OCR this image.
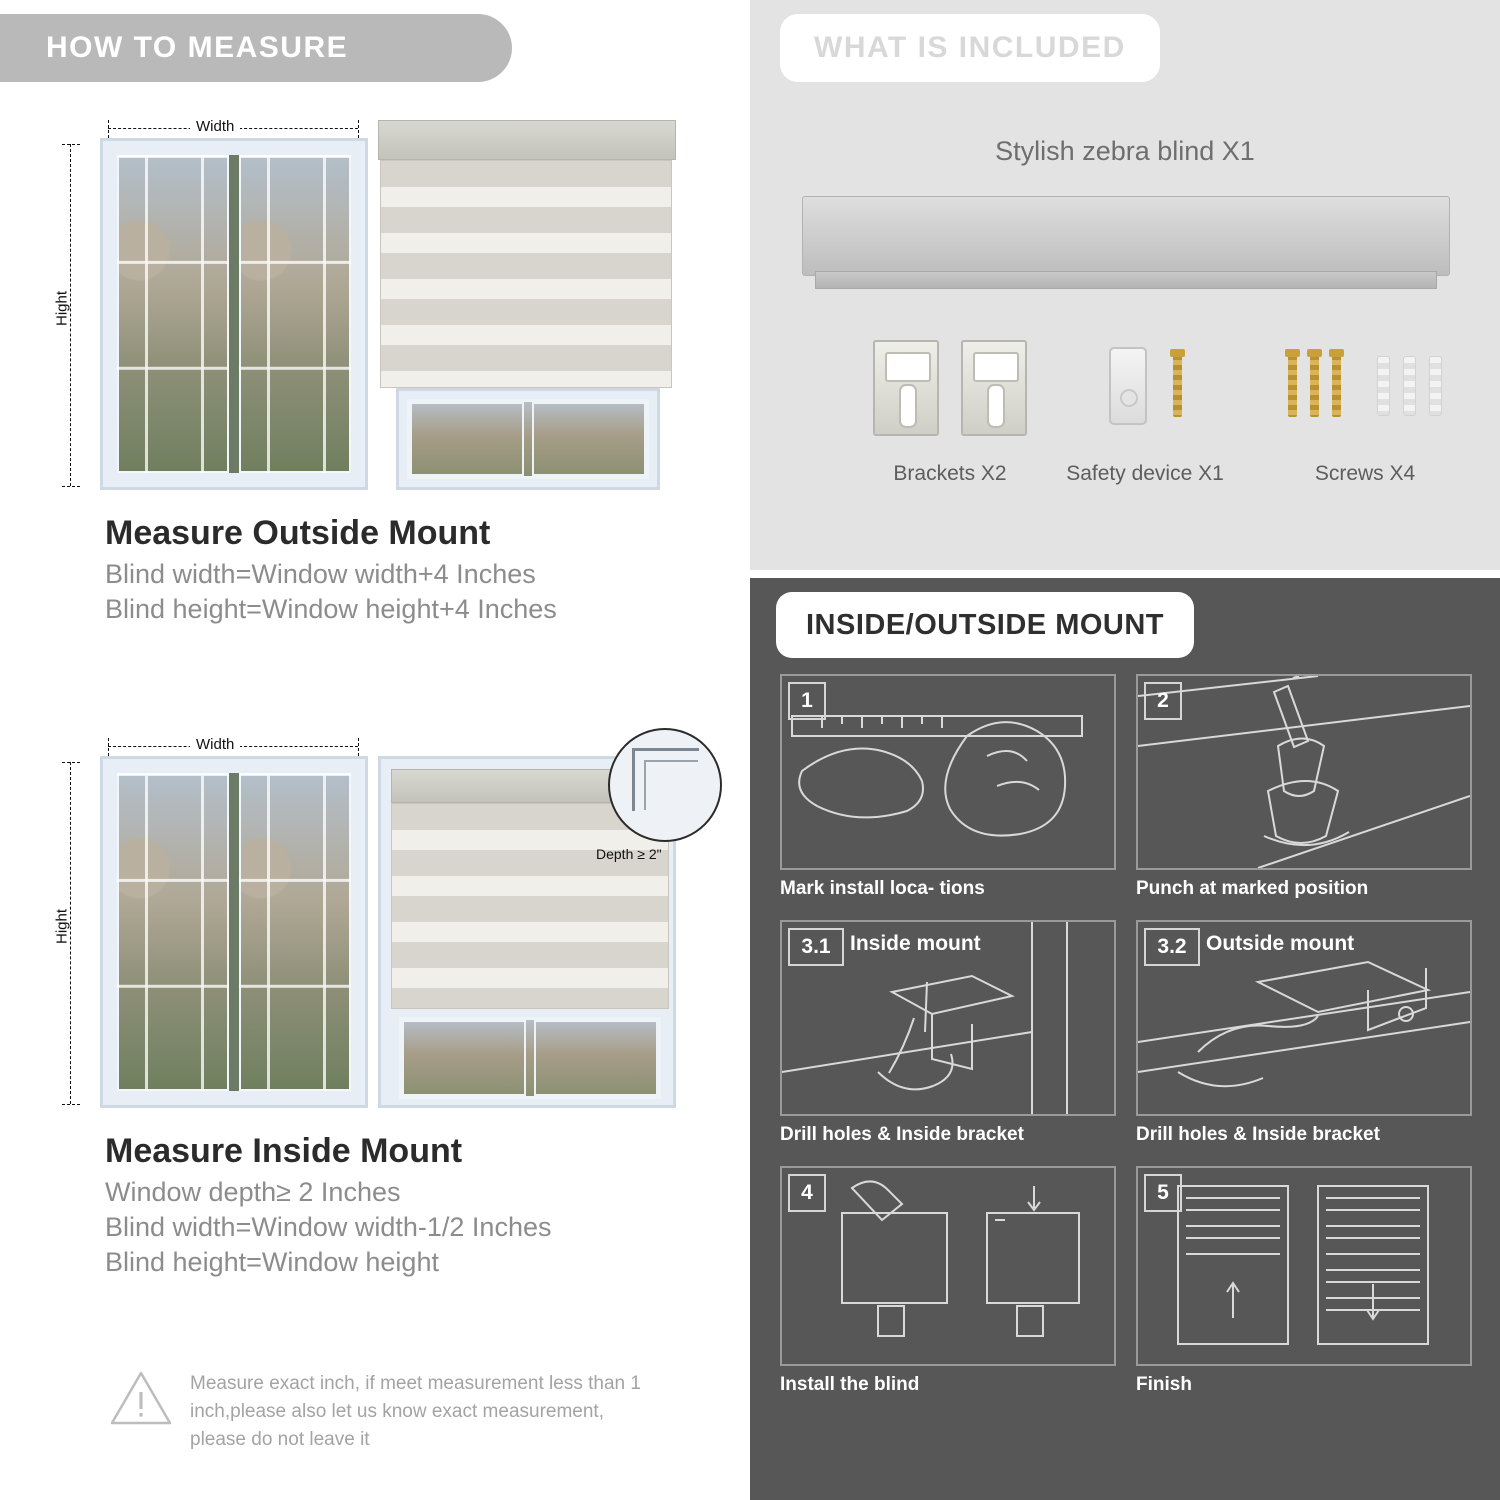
HOW TO MEASURE
Width
Hight
Measure Outside Mount

Blind width=Window width+4 Inches

Blind height=Window height+4 Inches

Width
Hight
Depth ≥ 2"
Measure Inside Mount

Window depth≥ 2 Inches

Blind width=Window width-1/2 Inches

Blind height=Window height

Measure exact inch, if meet measurement less than 1 inch,please also let us know exact measurement, please do not leave it

WHAT IS INCLUDED
Stylish zebra blind X1
Brackets X2	Safety device X1	Screws X4
INSIDE/OUTSIDE MOUNT
1
Mark install loca- tions
2
Punch at marked position
3.1 Inside mount
Drill holes & Inside bracket
3.2 Outside mount
Drill holes & Inside bracket
4
Install the blind
5
Finish
